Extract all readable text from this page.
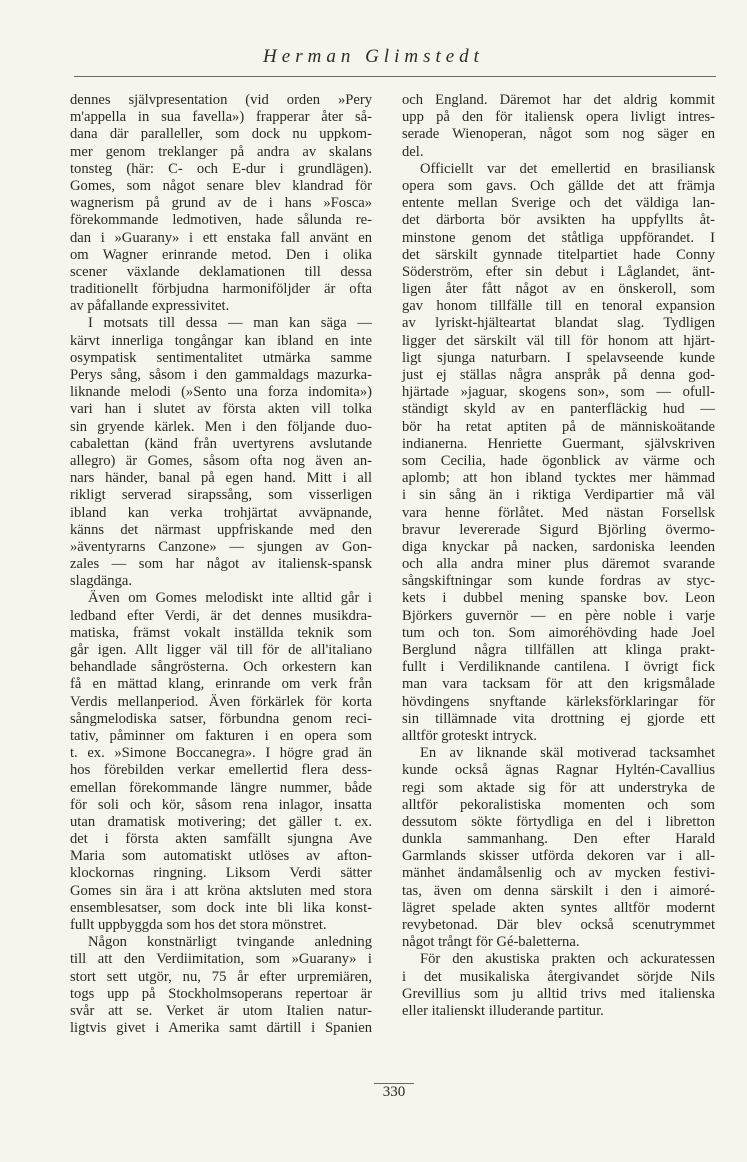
Herman Glimstedt
dennes självpresentation (vid orden »Pery
m'appella in sua favella») frapperar åter så-
dana där paralleller, som dock nu uppkom-
mer genom treklanger på andra av skalans
tonsteg (här: C- och E-dur i grundlägen).
Gomes, som något senare blev klandrad för
wagnerism på grund av de i hans »Fosca»
förekommande ledmotiven, hade sålunda re-
dan i »Guarany» i ett enstaka fall använt en
om Wagner erinrande metod. Den i olika
scener växlande deklamationen till dessa
traditionellt förbjudna harmoniföljder är ofta
av påfallande expressivitet.
I motsats till dessa — man kan säga —
kärvt innerliga tongångar kan ibland en inte
osympatisk sentimentalitet utmärka samme
Perys sång, såsom i den gammaldags mazurka-
liknande melodi (»Sento una forza indomita»)
vari han i slutet av första akten vill tolka
sin gryende kärlek. Men i den följande duo-
cabalettan (känd från uvertyrens avslutande
allegro) är Gomes, såsom ofta nog även an-
nars händer, banal på egen hand. Mitt i all
rikligt serverad sirapssång, som visserligen
ibland kan verka trohjärtat avväpnande,
känns det närmast uppfriskande med den
»äventyrarns Canzone» — sjungen av Gon-
zales — som har något av italiensk-spansk
slagdänga.
Även om Gomes melodiskt inte alltid går i
ledband efter Verdi, är det dennes musikdra-
matiska, främst vokalt inställda teknik som
går igen. Allt ligger väl till för de all'italiano
behandlade sångrösterna. Och orkestern kan
få en mättad klang, erinrande om verk från
Verdis mellanperiod. Även förkärlek för korta
sångmelodiska satser, förbundna genom reci-
tativ, påminner om fakturen i en opera som
t. ex. »Simone Boccanegra». I högre grad än
hos förebilden verkar emellertid flera dess-
emellan förekommande längre nummer, både
för soli och kör, såsom rena inlagor, insatta
utan dramatisk motivering; det gäller t. ex.
det i första akten samfällt sjungna Ave
Maria som automatiskt utlöses av afton-
klockornas ringning. Liksom Verdi sätter
Gomes sin ära i att kröna aktsluten med stora
ensemblesatser, som dock inte bli lika konst-
fullt uppbyggda som hos det stora mönstret.
Någon konstnärligt tvingande anledning
till att den Verdiimitation, som »Guarany» i
stort sett utgör, nu, 75 år efter urpremiären,
togs upp på Stockholmsoperans repertoar är
svår att se. Verket är utom Italien natur-
ligtvis givet i Amerika samt därtill i Spanien
och England. Däremot har det aldrig kommit
upp på den för italiensk opera livligt intres-
serade Wienoperan, något som nog säger en
del.
Officiellt var det emellertid en brasiliansk
opera som gavs. Och gällde det att främja
entente mellan Sverige och det väldiga lan-
det därborta bör avsikten ha uppfyllts åt-
minstone genom det ståtliga uppförandet. I
det särskilt gynnade titelpartiet hade Conny
Söderström, efter sin debut i Låglandet, änt-
ligen åter fått något av en önskeroll, som
gav honom tillfälle till en tenoral expansion
av lyriskt-hjälteartat blandat slag. Tydligen
ligger det särskilt väl till för honom att hjärt-
ligt sjunga naturbarn. I spelavseende kunde
just ej ställas några anspråk på denna god-
hjärtade »jaguar, skogens son», som — ofull-
ständigt skyld av en panterfläckig hud —
bör ha retat aptiten på de människoätande
indianerna. Henriette Guermant, självskriven
som Cecilia, hade ögonblick av värme och
aplomb; att hon ibland tycktes mer hämmad
i sin sång än i riktiga Verdipartier må väl
vara henne förlåtet. Med nästan Forsellsk
bravur levererade Sigurd Björling övermo-
diga knyckar på nacken, sardoniska leenden
och alla andra miner plus däremot svarande
sångskiftningar som kunde fordras av styc-
kets i dubbel mening spanske bov. Leon
Björkers guvernör — en père noble i varje
tum och ton. Som aimoréhövding hade Joel
Berglund några tillfällen att klinga prakt-
fullt i Verdiliknande cantilena. I övrigt fick
man vara tacksam för att den krigsmålade
hövdingens snyftande kärleksförklaringar för
sin tillämnade vita drottning ej gjorde ett
alltför groteskt intryck.
En av liknande skäl motiverad tacksamhet
kunde också ägnas Ragnar Hyltén-Cavallius
regi som aktade sig för att understryka de
alltför pekoralistiska momenten och som
dessutom sökte förtydliga en del i libretton
dunkla sammanhang. Den efter Harald
Garmlands skisser utförda dekoren var i all-
mänhet ändamålsenlig och av mycken festivi-
tas, även om denna särskilt i den i aimoré-
lägret spelade akten syntes alltför modernt
revybetonad. Där blev också scenutrymmet
något trångt för Gé-baletterna.
För den akustiska prakten och ackuratessen
i det musikaliska återgivandet sörjde Nils
Grevillius som ju alltid trivs med italienska
eller italienskt illuderande partitur.
330
